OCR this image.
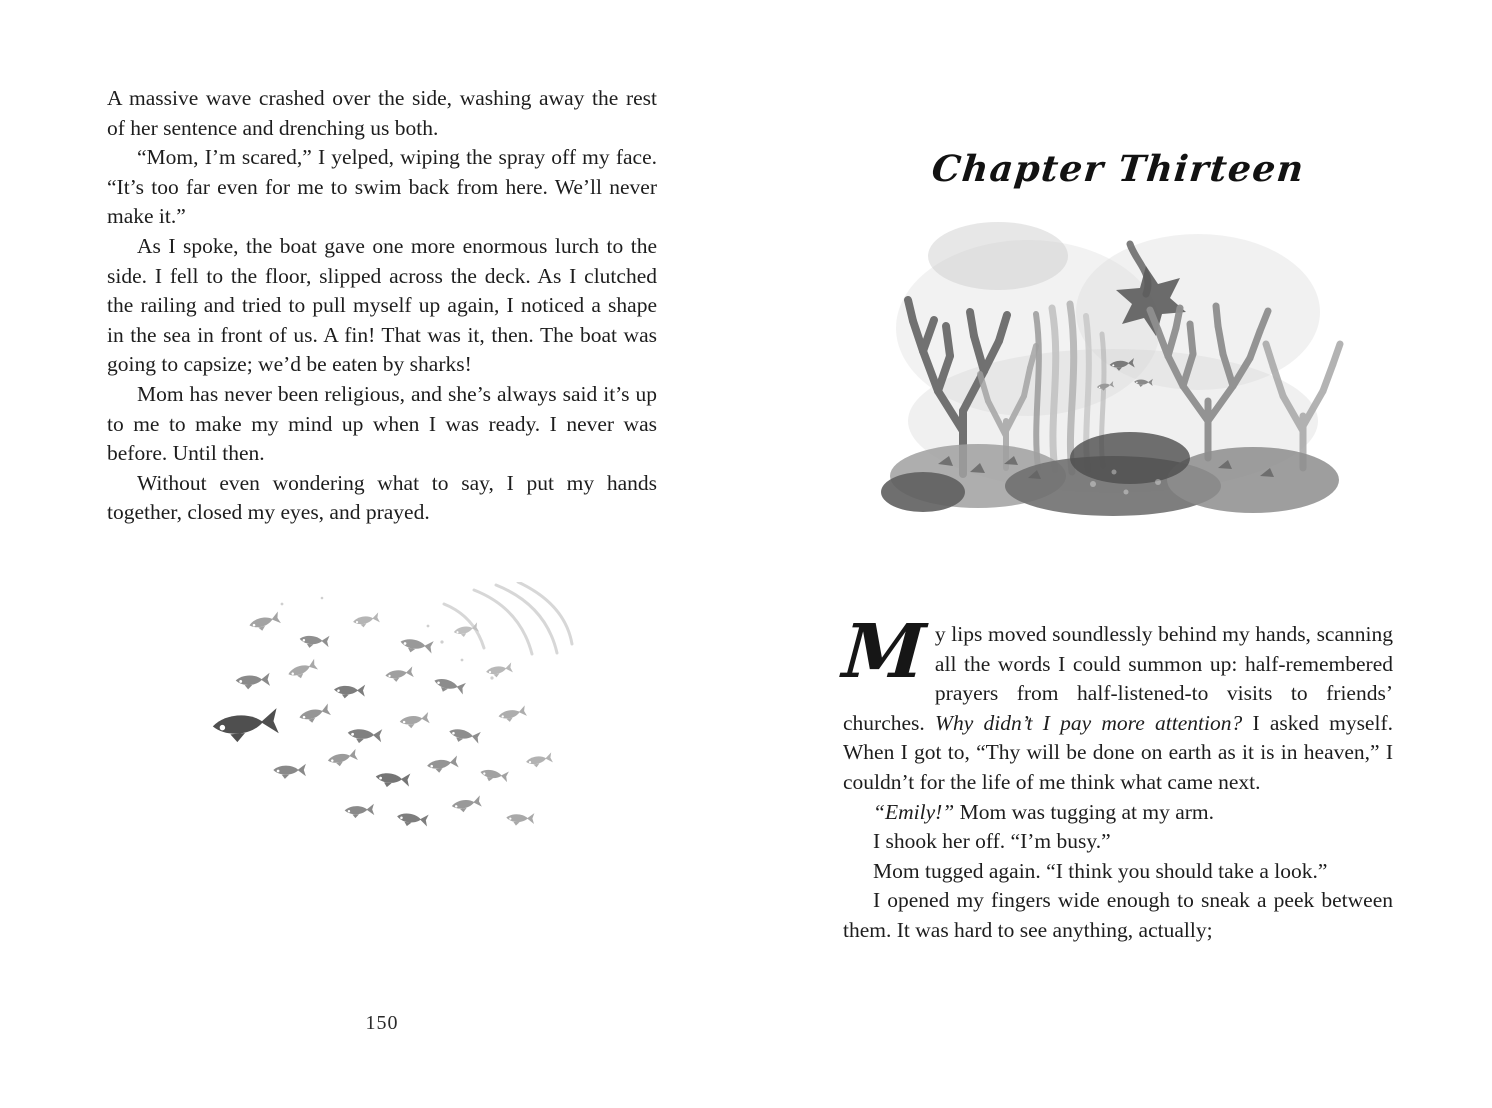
A massive wave crashed over the side, washing away the rest of her sentence and drenching us both.

“Mom, I’m scared,” I yelped, wiping the spray off my face. “It’s too far even for me to swim back from here. We’ll never make it.”

As I spoke, the boat gave one more enormous lurch to the side. I fell to the floor, slipped across the deck. As I clutched the railing and tried to pull myself up again, I noticed a shape in the sea in front of us. A fin! That was it, then. The boat was going to capsize; we’d be eaten by sharks!

Mom has never been religious, and she’s always said it’s up to me to make my mind up when I was ready. I never was before. Until then.

Without even wondering what to say, I put my hands together, closed my eyes, and prayed.

150
Chapter Thirteen

My lips moved soundlessly behind my hands, scanning all the words I could summon up: half-remembered prayers from half-listened-to visits to friends’ churches. Why didn’t I pay more attention? I asked myself. When I got to, “Thy will be done on earth as it is in heaven,” I couldn’t for the life of me think what came next.

“Emily!” Mom was tugging at my arm.

I shook her off. “I’m busy.”

Mom tugged again. “I think you should take a look.”

I opened my fingers wide enough to sneak a peek between them. It was hard to see anything, actually;
